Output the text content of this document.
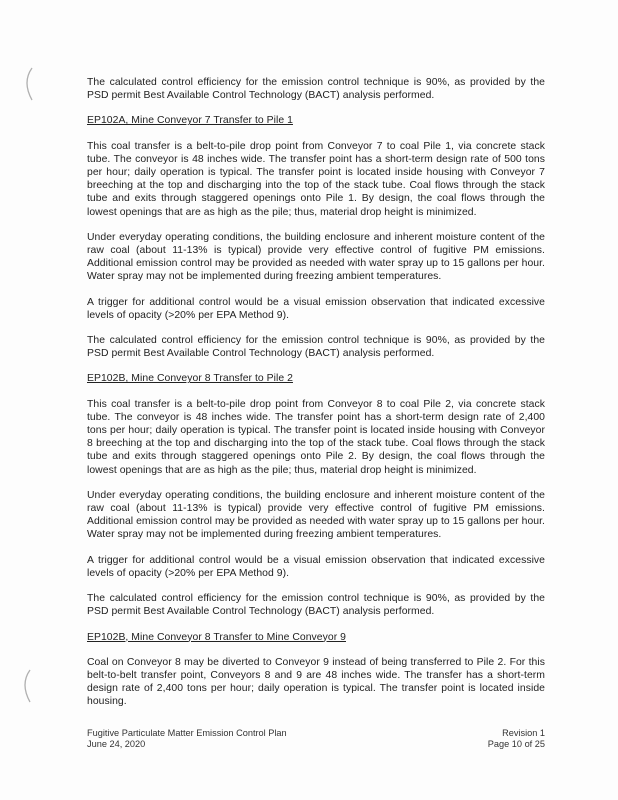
The calculated control efficiency for the emission control technique is 90%, as provided by the PSD permit Best Available Control Technology (BACT) analysis performed.

EP102A, Mine Conveyor 7 Transfer to Pile 1

This coal transfer is a belt-to-pile drop point from Conveyor 7 to coal Pile 1, via concrete stack tube. The conveyor is 48 inches wide. The transfer point has a short-term design rate of 500 tons per hour; daily operation is typical. The transfer point is located inside housing with Conveyor 7 breeching at the top and discharging into the top of the stack tube. Coal flows through the stack tube and exits through staggered openings onto Pile 1. By design, the coal flows through the lowest openings that are as high as the pile; thus, material drop height is minimized.

Under everyday operating conditions, the building enclosure and inherent moisture content of the raw coal (about 11-13% is typical) provide very effective control of fugitive PM emissions. Additional emission control may be provided as needed with water spray up to 15 gallons per hour. Water spray may not be implemented during freezing ambient temperatures.

A trigger for additional control would be a visual emission observation that indicated excessive levels of opacity (>20% per EPA Method 9).

The calculated control efficiency for the emission control technique is 90%, as provided by the PSD permit Best Available Control Technology (BACT) analysis performed.

EP102B, Mine Conveyor 8 Transfer to Pile 2

This coal transfer is a belt-to-pile drop point from Conveyor 8 to coal Pile 2, via concrete stack tube. The conveyor is 48 inches wide. The transfer point has a short-term design rate of 2,400 tons per hour; daily operation is typical. The transfer point is located inside housing with Conveyor 8 breeching at the top and discharging into the top of the stack tube. Coal flows through the stack tube and exits through staggered openings onto Pile 2. By design, the coal flows through the lowest openings that are as high as the pile; thus, material drop height is minimized.

Under everyday operating conditions, the building enclosure and inherent moisture content of the raw coal (about 11-13% is typical) provide very effective control of fugitive PM emissions. Additional emission control may be provided as needed with water spray up to 15 gallons per hour. Water spray may not be implemented during freezing ambient temperatures.

A trigger for additional control would be a visual emission observation that indicated excessive levels of opacity (>20% per EPA Method 9).

The calculated control efficiency for the emission control technique is 90%, as provided by the PSD permit Best Available Control Technology (BACT) analysis performed.

EP102B, Mine Conveyor 8 Transfer to Mine Conveyor 9

Coal on Conveyor 8 may be diverted to Conveyor 9 instead of being transferred to Pile 2. For this belt-to-belt transfer point, Conveyors 8 and 9 are 48 inches wide. The transfer has a short-term design rate of 2,400 tons per hour; daily operation is typical. The transfer point is located inside housing.

Fugitive Particulate Matter Emission Control Plan
June 24, 2020
Revision 1
Page 10 of 25
